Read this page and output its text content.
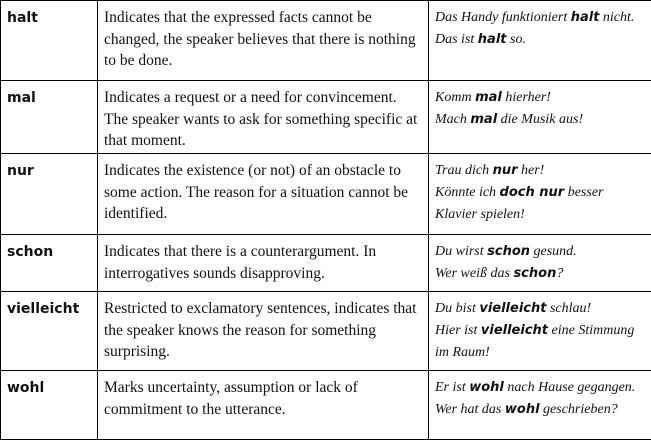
halt	Indicates that the expressed facts cannot be changed, the speaker believes that there is nothing to be done.	Das Handy funktioniert halt nicht.
Das ist halt so.

mal	Indicates a request or a need for convincement. The speaker wants to ask for something specific at that moment.	Komm mal hierher!
Mach mal die Musik aus!

nur	Indicates the existence (or not) of an obstacle to some action. The reason for a situation cannot be identified.	Trau dich nur her!
Könnte ich doch nur besser Klavier spielen!

schon	Indicates that there is a counterargument. In interrogatives sounds disapproving.	Du wirst schon gesund.
Wer weiß das schon?

vielleicht	Restricted to exclamatory sentences, indicates that the speaker knows the reason for something surprising.	Du bist vielleicht schlau!
Hier ist vielleicht eine Stimmung im Raum!

wohl	Marks uncertainty, assumption or lack of commitment to the utterance.	Er ist wohl nach Hause gegangen.
Wer hat das wohl geschrieben?
